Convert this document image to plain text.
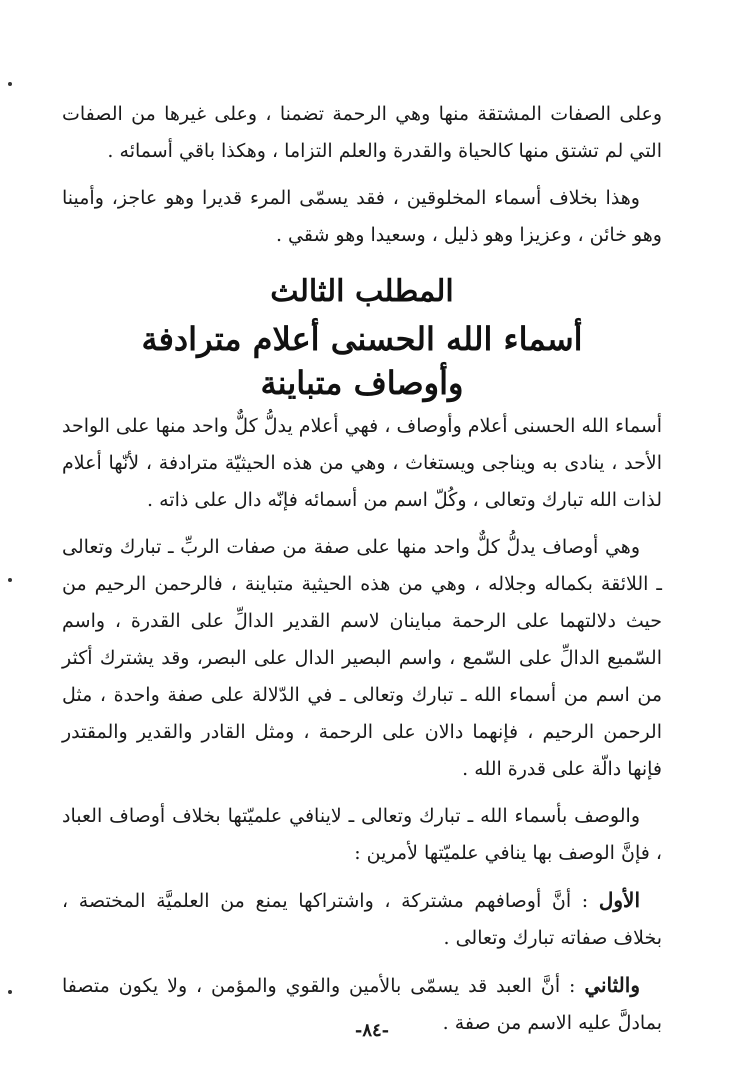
وعلى الصفات المشتقة منها وهي الرحمة تضمنا ، وعلى غيرها من الصفات التي لم تشتق منها كالحياة والقدرة والعلم التزاما ، وهكذا باقي أسمائه .

وهذا بخلاف أسماء المخلوقين ، فقد يسمّى المرء قديرا وهو عاجز، وأمينا وهو خائن ، وعزيزا وهو ذليل ، وسعيدا وهو شقي .

المطلب الثالث
أسماء الله الحسنى أعلام مترادفة
وأوصاف متباينة

أسماء الله الحسنى أعلام وأوصاف ، فهي أعلام يدلُّ كلٌّ واحد منها على الواحد الأحد ، ينادى به ويناجى ويستغاث ، وهي من هذه الحيثيّة مترادفة ، لأنّها أعلام لذات الله تبارك وتعالى ، وكُلّ اسم من أسمائه فإنّه دال على ذاته .

وهي أوصاف يدلُّ كلٌّ واحد منها على صفة من صفات الربِّ ـ تبارك وتعالى ـ اللائقة بكماله وجلاله ، وهي من هذه الحيثية متباينة ، فالرحمن الرحيم من حيث دلالتهما على الرحمة مباينان لاسم القدير الدالِّ على القدرة ، واسم السّميع الدالِّ على السّمع ، واسم البصير الدال على البصر، وقد يشترك أكثر من اسم من أسماء الله ـ تبارك وتعالى ـ في الدّلالة على صفة واحدة ، مثل الرحمن الرحيم ، فإنهما دالان على الرحمة ، ومثل القادر والقدير والمقتدر فإنها دالّة على قدرة الله .

والوصف بأسماء الله ـ تبارك وتعالى ـ لاينافي علميّتها بخلاف أوصاف العباد ، فإنَّ الوصف بها ينافي علميّتها لأمرين :

الأول : أنَّ أوصافهم مشتركة ، واشتراكها يمنع من العلميَّة المختصة ، بخلاف صفاته تبارك وتعالى .

والثاني : أنَّ العبد قد يسمّى بالأمين والقوي والمؤمن ، ولا يكون متصفا بمادلَّ عليه الاسم من صفة .

-٨٤-
